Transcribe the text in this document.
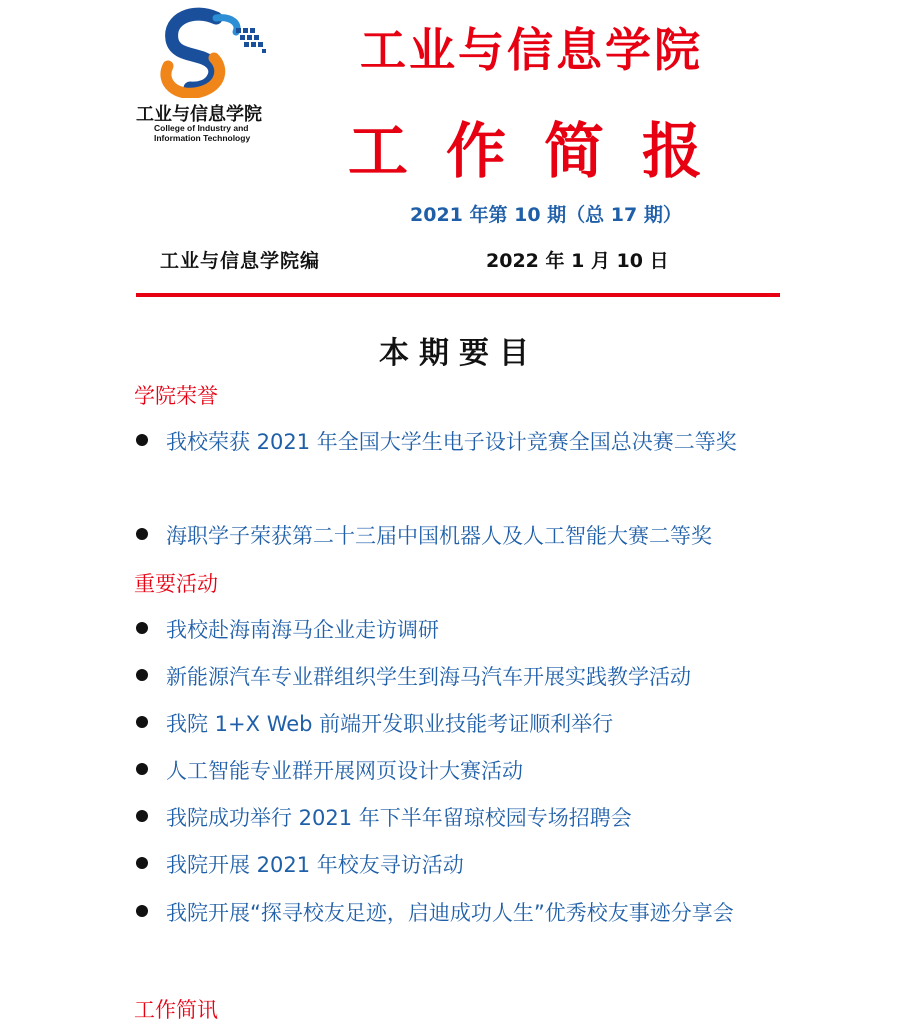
工业与信息学院
College of Industry and
Information Technology
工业与信息学院
工作简报
2021 年第 10 期（总 17 期）
工业与信息学院编	2022 年 1 月 10 日
本期要目
学院荣誉
我校荣获 2021 年全国大学生电子设计竞赛全国总决赛二等奖
海职学子荣获第二十三届中国机器人及人工智能大赛二等奖
重要活动
我校赴海南海马企业走访调研
新能源汽车专业群组织学生到海马汽车开展实践教学活动
我院 1+X Web 前端开发职业技能考证顺利举行
人工智能专业群开展网页设计大赛活动
我院成功举行 2021 年下半年留琼校园专场招聘会
我院开展 2021 年校友寻访活动
我院开展“探寻校友足迹，启迪成功人生”优秀校友事迹分享会
工作简讯
